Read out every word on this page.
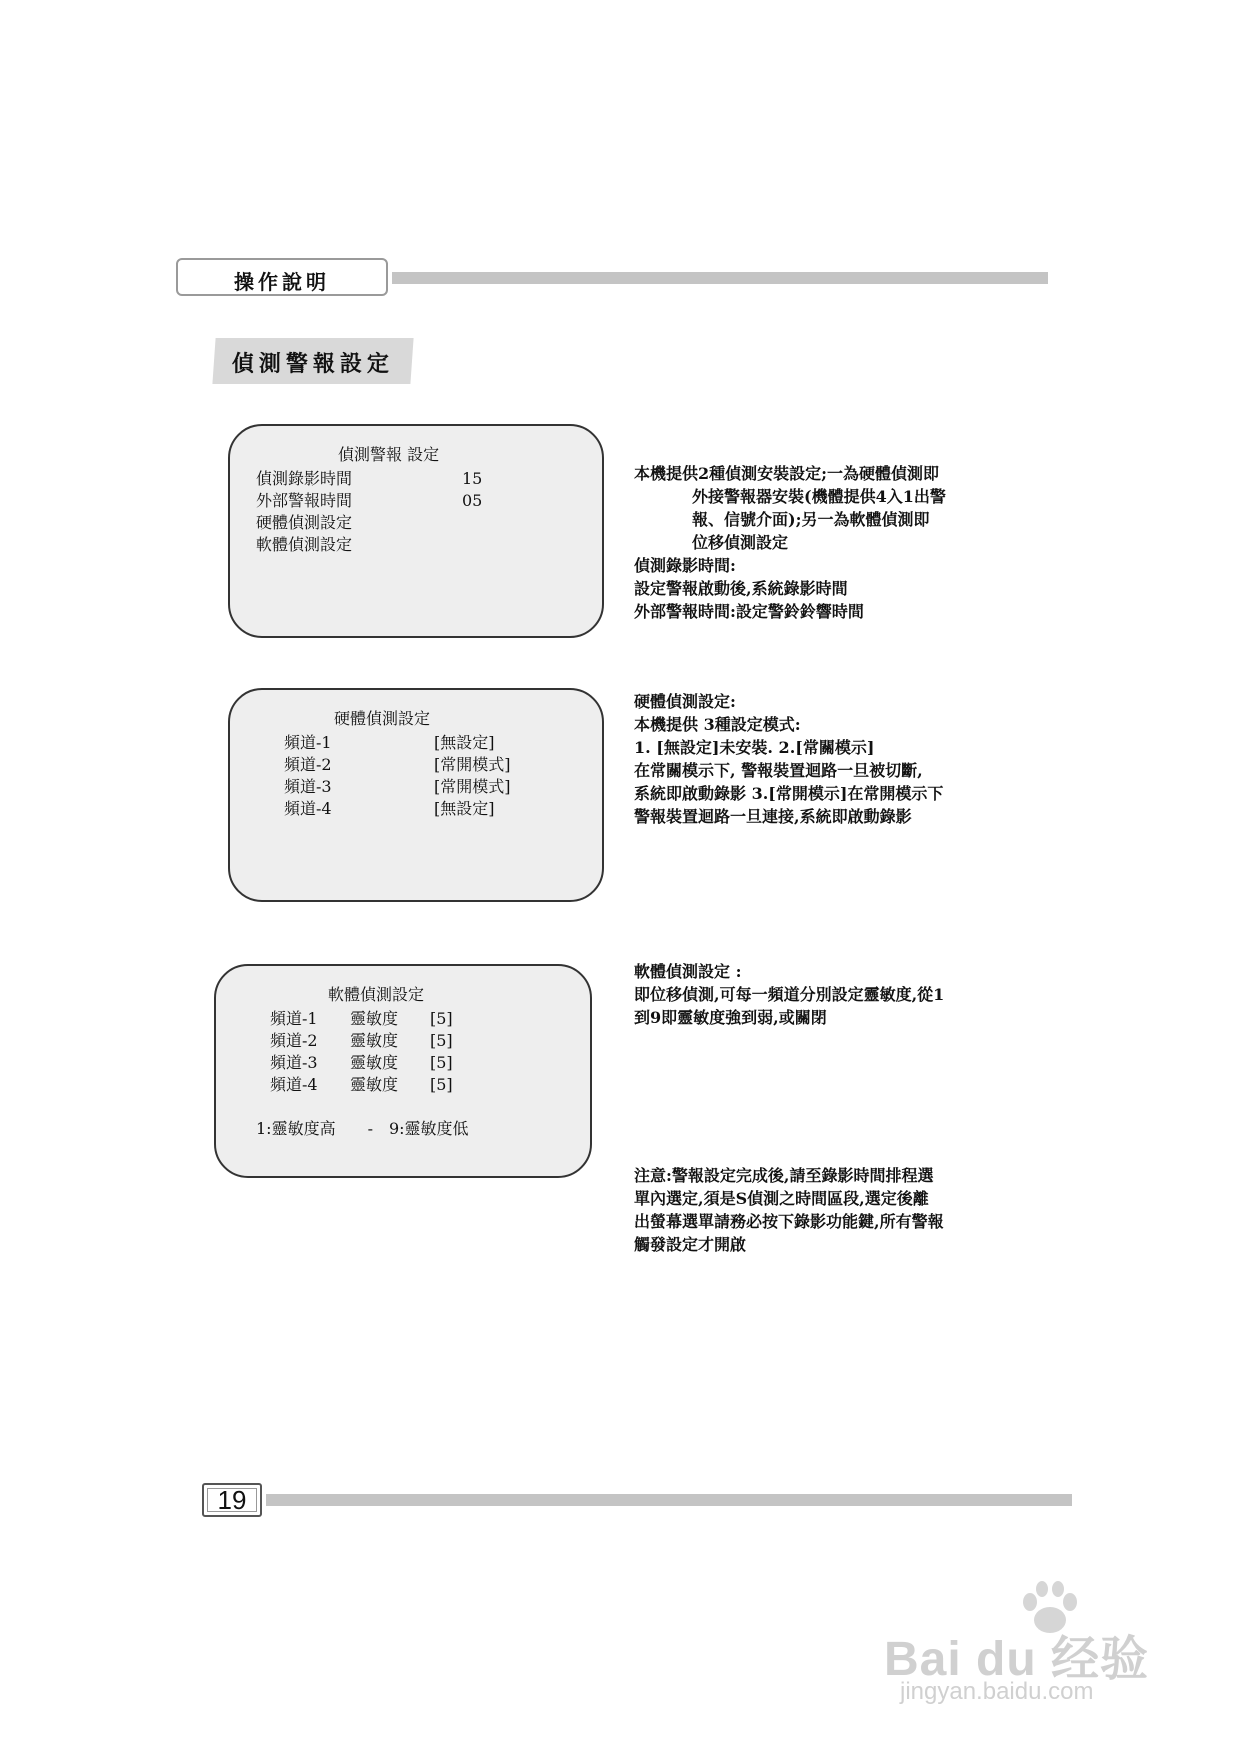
操作說明
偵測警報設定
偵測警報 設定
偵測錄影時間	15
外部警報時間	05
硬體偵測設定
軟體偵測設定
硬體偵測設定
頻道-1	[無設定]
頻道-2	[常開模式]
頻道-3	[常開模式]
頻道-4	[無設定]
軟體偵測設定
頻道-1 靈敏度 [5]
頻道-2 靈敏度 [5]
頻道-3 靈敏度 [5]
頻道-4 靈敏度 [5]
1:靈敏度高　　-　9:靈敏度低

本機提供2種偵測安裝設定;一為硬體偵測即

外接警報器安裝(機體提供4入1出警

報、信號介面);另一為軟體偵測即

位移偵測設定

偵測錄影時間:

設定警報啟動後,系統錄影時間

外部警報時間:設定警鈴鈴響時間

硬體偵測設定:

本機提供 3種設定模式:

1. [無設定]未安裝. 2.[常關模示]

在常關模示下, 警報裝置迴路一旦被切斷,

系統即啟動錄影 3.[常開模示]在常開模示下

警報裝置迴路一旦連接,系統即啟動錄影

軟體偵測設定 :

即位移偵測,可每一頻道分別設定靈敏度,從1

到9即靈敏度強到弱,或關閉

注意:警報設定完成後,請至錄影時間排程選

單內選定,須是S偵測之時間區段,選定後離

出螢幕選單請務必按下錄影功能鍵,所有警報

觸發設定才開啟

19
Bai du 经验
jingyan.baidu.com
